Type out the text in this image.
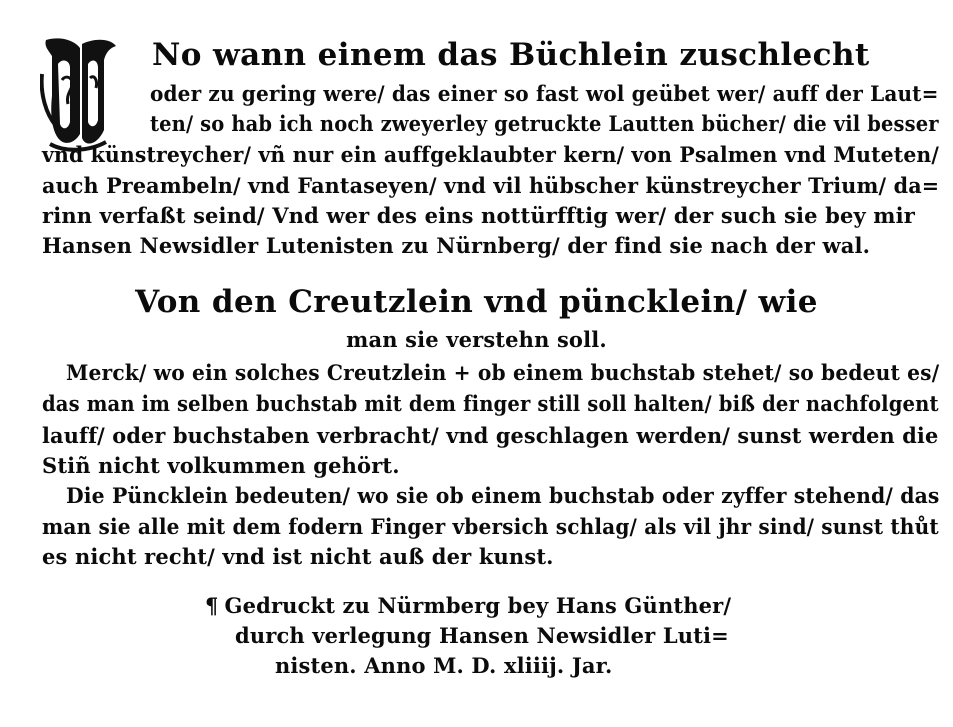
No wann einem das Büchlein zuschlecht
oder zu gering were/ das einer so fast wol geübet wer/ auff der Laut=
ten/ so hab ich noch zweyerley getruckte Lautten bücher/ die vil besser
vnd künstreycher/ vñ nur ein auffgeklaubter kern/ von Psalmen vnd Muteten/
auch Preambeln/ vnd Fantaseyen/ vnd vil hübscher künstreycher Trium/ da=
rinn verfaßt seind/ Vnd wer des eins nottürfftig wer/ der such sie bey mir
Hansen Newsidler Lutenisten zu Nürnberg/ der find sie nach der wal.
Von den Creutzlein vnd püncklein/ wie
man sie verstehn soll.
Merck/ wo ein solches Creutzlein + ob einem buchstab stehet/ so bedeut es/
das man im selben buchstab mit dem finger still soll halten/ biß der nachfolgent
lauff/ oder buchstaben verbracht/ vnd geschlagen werden/ sunst werden die
Stiñ nicht volkummen gehört.
Die Püncklein bedeuten/ wo sie ob einem buchstab oder zyffer stehend/ das
man sie alle mit dem fodern Finger vbersich schlag/ als vil jhr sind/ sunst thůt
es nicht recht/ vnd ist nicht auß der kunst.
¶ Gedruckt zu Nürmberg bey Hans Günther/
durch verlegung Hansen Newsidler Luti=
nisten. Anno M. D. xliiij. Jar.
